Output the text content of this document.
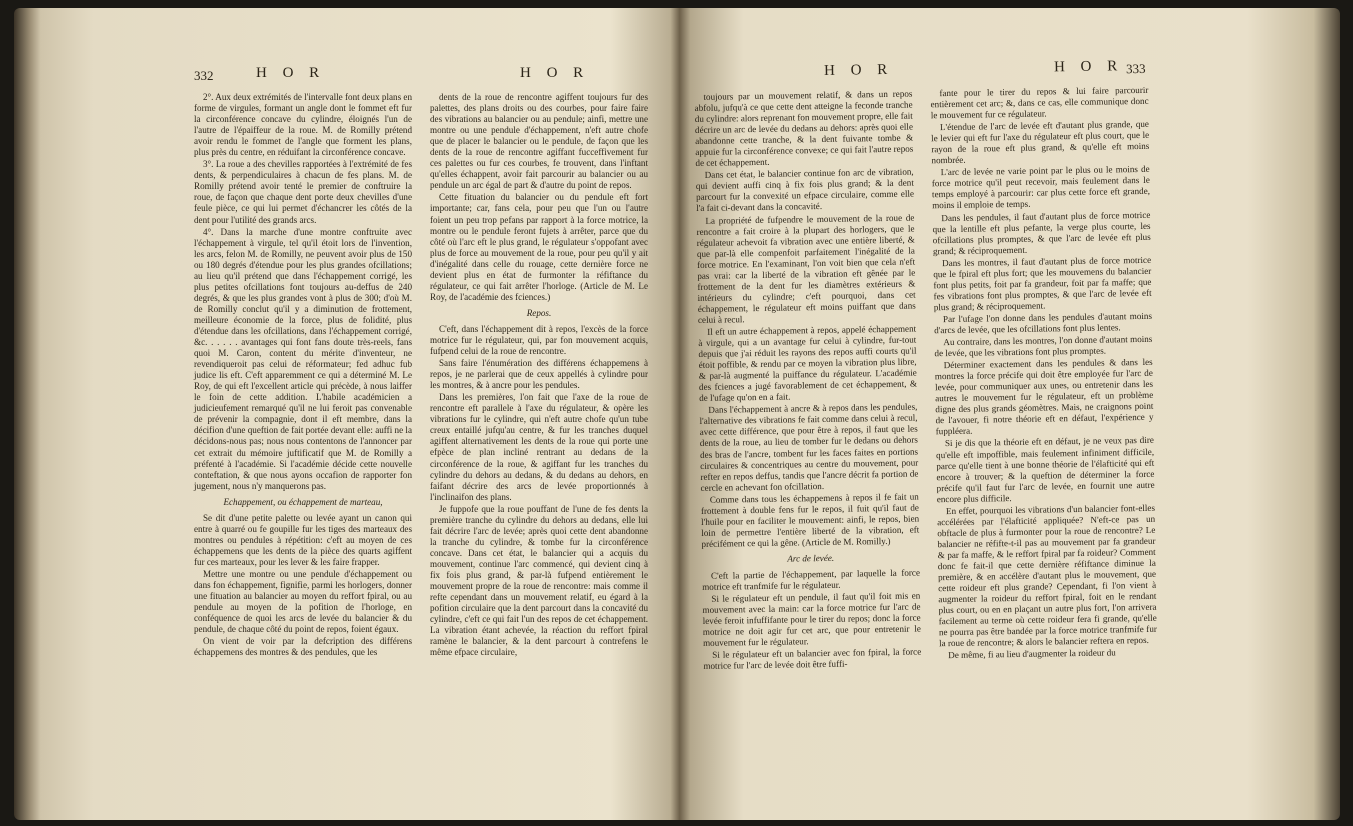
332	H O R	H O R

2°. Aux deux extrémités de l'intervalle font deux plans en forme de virgules, formant un angle dont le fommet eft fur la circonférence concave du cylindre, éloignés l'un de l'autre de l'épaiffeur de la roue. M. de Romilly prétend avoir rendu le fommet de l'angle que forment les plans, plus près du centre, en réduifant la circonférence concave.

3°. La roue a des chevilles rapportées à l'extrémité de fes dents, & perpendiculaires à chacun de fes plans. M. de Romilly prétend avoir tenté le premier de conftruire la roue, de façon que chaque dent porte deux chevilles d'une feule pièce, ce qui lui permet d'échancrer les côtés de la dent pour l'utilité des grands arcs.

4°. Dans la marche d'une montre conftruite avec l'échappement à virgule, tel qu'il étoit lors de l'invention, les arcs, felon M. de Romilly, ne peuvent avoir plus de 150 ou 180 degrés d'étendue pour les plus grandes ofcillations; au lieu qu'il prétend que dans l'échappement corrigé, les plus petites ofcillations font toujours au-deffus de 240 degrés, & que les plus grandes vont à plus de 300; d'où M. de Romilly conclut qu'il y a diminution de frottement, meilleure économie de la force, plus de folidité, plus d'étendue dans les ofcillations, dans l'échappement corrigé, &c. . . . . . avantages qui font fans doute très-reels, fans quoi M. Caron, content du mérite d'inventeur, ne revendiqueroit pas celui de réformateur; fed adhuc fub judice lis eft. C'eft apparemment ce qui a déterminé M. Le Roy, de qui eft l'excellent article qui précède, à nous laiffer le foin de cette addition. L'habile académicien a judicieufement remarqué qu'il ne lui feroit pas convenable de prévenir la compagnie, dont il eft membre, dans la décifion d'une queftion de fait portée devant elle: auffi ne la décidons-nous pas; nous nous contentons de l'annoncer par cet extrait du mémoire juftificatif que M. de Romilly a préfenté à l'académie. Si l'académie décide cette nouvelle conteftation, & que nous ayons occafion de rapporter fon jugement, nous n'y manquerons pas.

Echappement, ou échappement de marteau,

Se dit d'une petite palette ou levée ayant un canon qui entre à quarré ou fe goupille fur les tiges des marteaux des montres ou pendules à répétition: c'eft au moyen de ces échappemens que les dents de la pièce des quarts agiffent fur ces marteaux, pour les lever & les faire frapper.

Mettre une montre ou une pendule d'échappement ou dans fon échappement, fignifie, parmi les horlogers, donner une fituation au balancier au moyen du reffort fpiral, ou au pendule au moyen de la pofition de l'horloge, en conféquence de quoi les arcs de levée du balancier & du pendule, de chaque côté du point de repos, foient égaux.

On vient de voir par la defcription des différens échappemens des montres & des pendules, que les

dents de la roue de rencontre agiffent toujours fur des palettes, des plans droits ou des courbes, pour faire faire des vibrations au balancier ou au pendule; ainfi, mettre une montre ou une pendule d'échappement, n'eft autre chofe que de placer le balancier ou le pendule, de façon que les dents de la roue de rencontre agiffant fucceffivement fur ces palettes ou fur ces courbes, fe trouvent, dans l'inftant qu'elles échappent, avoir fait parcourir au balancier ou au pendule un arc égal de part & d'autre du point de repos.

Cette fituation du balancier ou du pendule eft fort importante; car, fans cela, pour peu que l'un ou l'autre foient un peu trop pefans par rapport à la force motrice, la montre ou le pendule feront fujets à arrêter, parce que du côté où l'arc eft le plus grand, le régulateur s'oppofant avec plus de force au mouvement de la roue, pour peu qu'il y ait d'inégalité dans celle du rouage, cette dernière force ne devient plus en état de furmonter la réfiftance du régulateur, ce qui fait arrêter l'horloge. (Article de M. Le Roy, de l'académie des fciences.)

Repos.

C'eft, dans l'échappement dit à repos, l'excès de la force motrice fur le régulateur, qui, par fon mouvement acquis, fufpend celui de la roue de rencontre.

Sans faire l'énumération des différens échappemens à repos, je ne parlerai que de ceux appellés à cylindre pour les montres, & à ancre pour les pendules.

Dans les premières, l'on fait que l'axe de la roue de rencontre eft parallele à l'axe du régulateur, & opère les vibrations fur le cylindre, qui n'eft autre chofe qu'un tube creux entaillé jufqu'au centre, & fur les tranches duquel agiffent alternativement les dents de la roue qui porte une efpèce de plan incliné rentrant au dedans de la circonférence de la roue, & agiffant fur les tranches du cylindre du dehors au dedans, & du dedans au dehors, en faifant décrire des arcs de levée proportionnés à l'inclinaifon des plans.

Je fuppofe que la roue pouffant de l'une de fes dents la première tranche du cylindre du dehors au dedans, elle lui fait décrire l'arc de levée; après quoi cette dent abandonne la tranche du cylindre, & tombe fur la circonférence concave. Dans cet état, le balancier qui a acquis du mouvement, continue l'arc commencé, qui devient cinq à fix fois plus grand, & par-là fufpend entièrement le mouvement propre de la roue de rencontre: mais comme il refte cependant dans un mouvement relatif, eu égard à la pofition circulaire que la dent parcourt dans la concavité du cylindre, c'eft ce qui fait l'un des repos de cet échappement. La vibration étant achevée, la réaction du reffort fpiral ramène le balancier, & la dent parcourt à contrefens le même efpace circulaire,

H O R	H O R 333

toujours par un mouvement relatif, & dans un repos abfolu, jufqu'à ce que cette dent atteigne la feconde tranche du cylindre: alors reprenant fon mouvement propre, elle fait décrire un arc de levée du dedans au dehors: après quoi elle abandonne cette tranche, & la dent fuivante tombe & appuie fur la circonférence convexe; ce qui fait l'autre repos de cet échappement.

Dans cet état, le balancier continue fon arc de vibration, qui devient auffi cinq à fix fois plus grand; & la dent parcourt fur la convexité un efpace circulaire, comme elle l'a fait ci-devant dans la concavité.

La propriété de fufpendre le mouvement de la roue de rencontre a fait croire à la plupart des horlogers, que le régulateur achevoit fa vibration avec une entière liberté, & que par-là elle compenfoit parfaitement l'inégalité de la force motrice. En l'examinant, l'on voit bien que cela n'eft pas vrai: car la liberté de la vibration eft gênée par le frottement de la dent fur les diamètres extérieurs & intérieurs du cylindre; c'eft pourquoi, dans cet échappement, le régulateur eft moins puiffant que dans celui à recul.

Il eft un autre échappement à repos, appelé échappement à virgule, qui a un avantage fur celui à cylindre, fur-tout depuis que j'ai réduit les rayons des repos auffi courts qu'il étoit poffible, & rendu par ce moyen la vibration plus libre, & par-là augmenté la puiffance du régulateur. L'académie des fciences a jugé favorablement de cet échappement, & de l'ufage qu'on en a fait.

Dans l'échappement à ancre & à repos dans les pendules, l'alternative des vibrations fe fait comme dans celui à recul, avec cette différence, que pour être à repos, il faut que les dents de la roue, au lieu de tomber fur le dedans ou dehors des bras de l'ancre, tombent fur les faces faites en portions circulaires & concentriques au centre du mouvement, pour refter en repos deffus, tandis que l'ancre décrit fa portion de cercle en achevant fon ofcillation.

Comme dans tous les échappemens à repos il fe fait un frottement à double fens fur le repos, il fuit qu'il faut de l'huile pour en faciliter le mouvement: ainfi, le repos, bien loin de permettre l'entière liberté de la vibration, eft précifément ce qui la gêne. (Article de M. Romilly.)

Arc de levée.

C'eft la partie de l'échappement, par laquelle la force motrice eft tranfmife fur le régulateur.

Si le régulateur eft un pendule, il faut qu'il foit mis en mouvement avec la main: car la force motrice fur l'arc de levée feroit infuffifante pour le tirer du repos; donc la force motrice ne doit agir fur cet arc, que pour entretenir le mouvement fur le régulateur.

Si le régulateur eft un balancier avec fon fpiral, la force motrice fur l'arc de levée doit être fuffi-

fante pour le tirer du repos & lui faire parcourir entièrement cet arc; &, dans ce cas, elle communique donc le mouvement fur ce régulateur.

L'étendue de l'arc de levée eft d'autant plus grande, que le levier qui eft fur l'axe du régulateur eft plus court, que le rayon de la roue eft plus grand, & qu'elle eft moins nombrée.

L'arc de levée ne varie point par le plus ou le moins de force motrice qu'il peut recevoir, mais feulement dans le temps employé à parcourir: car plus cette force eft grande, moins il emploie de temps.

Dans les pendules, il faut d'autant plus de force motrice que la lentille eft plus pefante, la verge plus courte, les ofcillations plus promptes, & que l'arc de levée eft plus grand; & réciproquement.

Dans les montres, il faut d'autant plus de force motrice que le fpiral eft plus fort; que les mouvemens du balancier font plus petits, foit par fa grandeur, foit par fa maffe; que fes vibrations font plus promptes, & que l'arc de levée eft plus grand; & réciproquement.

Par l'ufage l'on donne dans les pendules d'autant moins d'arcs de levée, que les ofcillations font plus lentes.

Au contraire, dans les montres, l'on donne d'autant moins de levée, que les vibrations font plus promptes.

Déterminer exactement dans les pendules & dans les montres la force précife qui doit être employée fur l'arc de levée, pour communiquer aux unes, ou entretenir dans les autres le mouvement fur le régulateur, eft un problème digne des plus grands géomètres. Mais, ne craignons point de l'avouer, fi notre théorie eft en défaut, l'expérience y fuppléera.

Si je dis que la théorie eft en défaut, je ne veux pas dire qu'elle eft impoffible, mais feulement infiniment difficile, parce qu'elle tient à une bonne théorie de l'élafticité qui eft encore à trouver; & la queftion de déterminer la force précife qu'il faut fur l'arc de levée, en fournit une autre encore plus difficile.

En effet, pourquoi les vibrations d'un balancier font-elles accélérées par l'élafticité appliquée? N'eft-ce pas un obftacle de plus à furmonter pour la roue de rencontre? Le balancier ne réfifte-t-il pas au mouvement par fa grandeur & par fa maffe, & le reffort fpiral par fa roideur? Comment donc fe fait-il que cette dernière réfiftance diminue la première, & en accélère d'autant plus le mouvement, que cette roideur eft plus grande? Cependant, fi l'on vient à augmenter la roideur du reffort fpiral, foit en le rendant plus court, ou en en plaçant un autre plus fort, l'on arrivera facilement au terme où cette roideur fera fi grande, qu'elle ne pourra pas être bandée par la force motrice tranfmife fur la roue de rencontre; & alors le balancier reftera en repos.

De même, fi au lieu d'augmenter la roideur du
